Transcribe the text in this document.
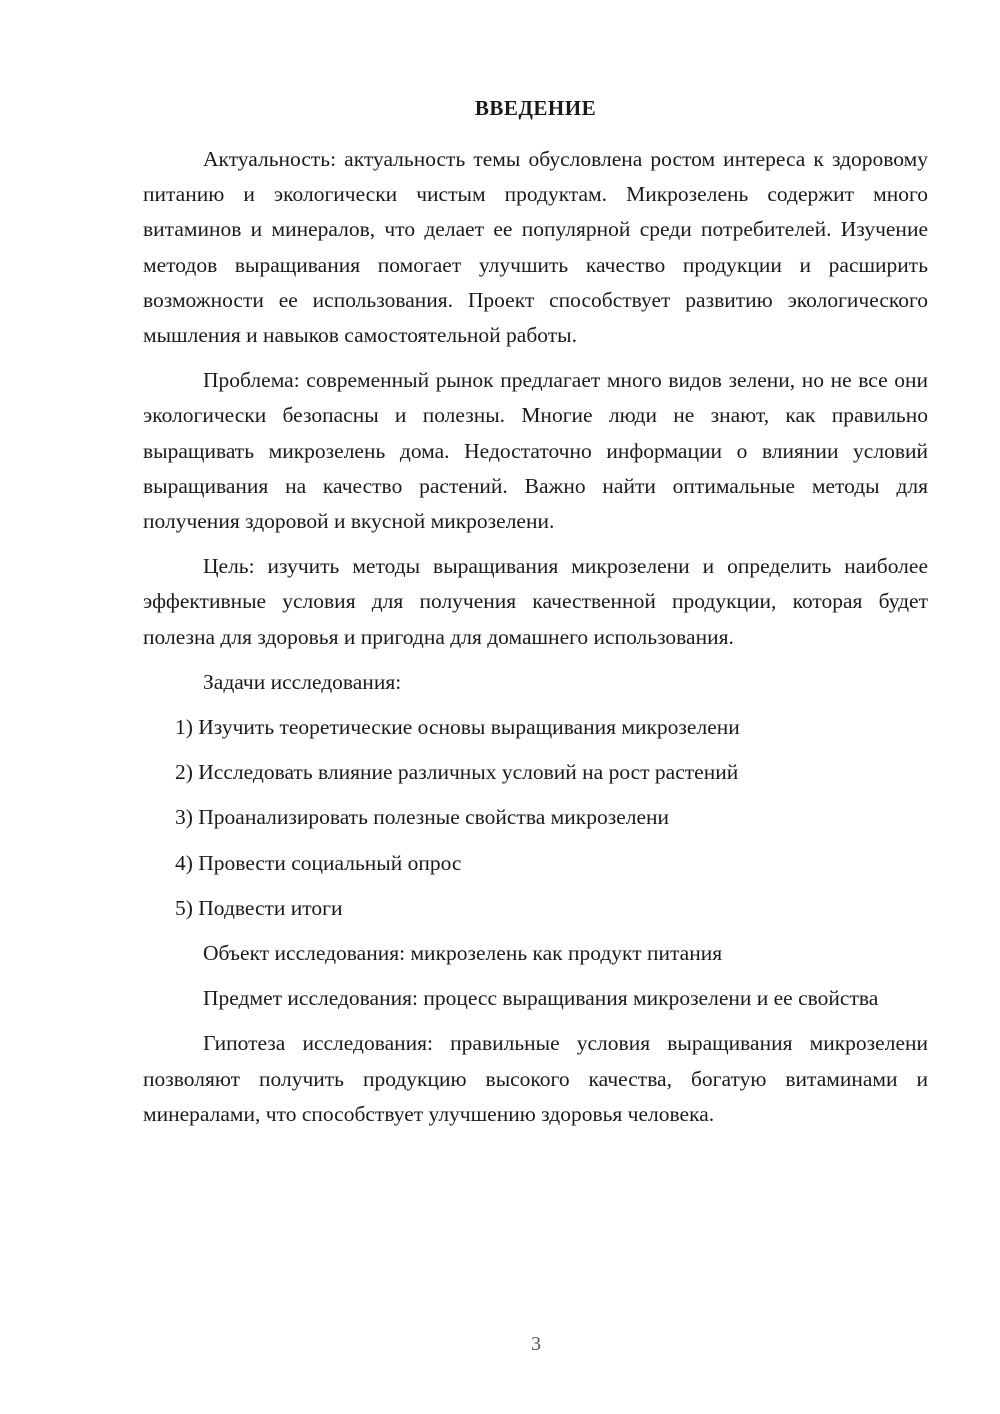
ВВЕДЕНИЕ

Актуальность: актуальность темы обусловлена ростом интереса к здоровому питанию и экологически чистым продуктам. Микрозелень содержит много витаминов и минералов, что делает ее популярной среди потребителей. Изучение методов выращивания помогает улучшить качество продукции и расширить возможности ее использования. Проект способствует развитию экологического мышления и навыков самостоятельной работы.

Проблема: современный рынок предлагает много видов зелени, но не все они экологически безопасны и полезны. Многие люди не знают, как правильно выращивать микрозелень дома. Недостаточно информации о влиянии условий выращивания на качество растений. Важно найти оптимальные методы для получения здоровой и вкусной микрозелени.

Цель: изучить методы выращивания микрозелени и определить наиболее эффективные условия для получения качественной продукции, которая будет полезна для здоровья и пригодна для домашнего использования.

Задачи исследования:

1) Изучить теоретические основы выращивания микрозелени
2) Исследовать влияние различных условий на рост растений
3) Проанализировать полезные свойства микрозелени
4) Провести социальный опрос
5) Подвести итоги

Объект исследования: микрозелень как продукт питания

Предмет исследования: процесс выращивания микрозелени и ее свойства

Гипотеза исследования: правильные условия выращивания микрозелени позволяют получить продукцию высокого качества, богатую витаминами и минералами, что способствует улучшению здоровья человека.

3
